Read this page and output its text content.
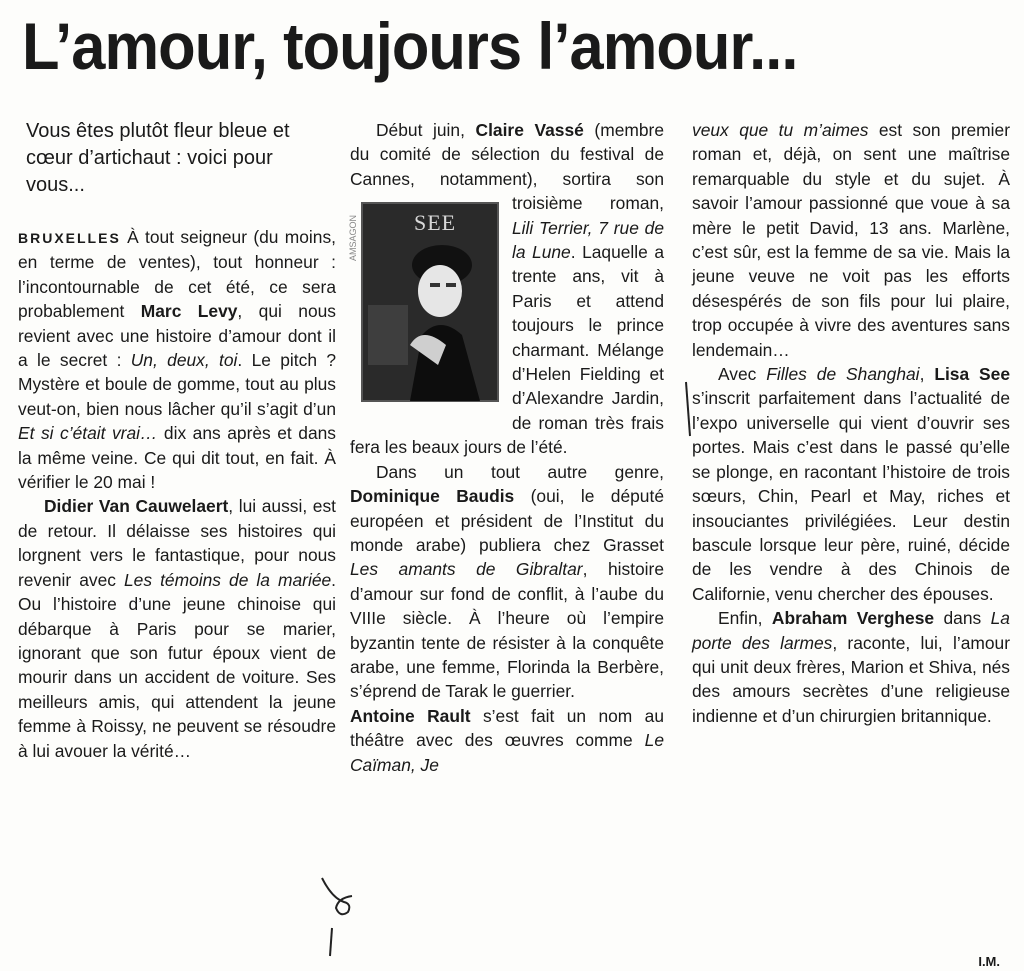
L’amour, toujours l’amour...

Vous êtes plutôt fleur bleue et cœur d’artichaut : voici pour vous...

BRUXELLES À tout seigneur (du moins, en terme de ventes), tout honneur : l’incontournable de cet été, ce sera probablement Marc Levy, qui nous revient avec une histoire d’amour dont il a le secret : Un, deux, toi. Le pitch ? Mystère et boule de gomme, tout au plus veut-on, bien nous lâcher qu’il s’agit d’un Et si c’était vrai… dix ans après et dans la même veine. Ce qui dit tout, en fait. À vérifier le 20 mai !

Didier Van Cauwelaert, lui aussi, est de retour. Il délaisse ses histoires qui lorgnent vers le fantastique, pour nous revenir avec Les témoins de la mariée. Ou l’histoire d’une jeune chinoise qui débarque à Paris pour se marier, ignorant que son futur époux vient de mourir dans un accident de voiture. Ses meilleurs amis, qui attendent la jeune femme à Roissy, ne peuvent se résoudre à lui avouer la vérité…

Début juin, Claire Vassé (membre du comité de sélection du festival de Cannes, notamment), sortira son troisième roman,
AMSAGON	SEE	Lili Terrier, 7 rue de la Lune. Laquelle a trente ans, vit à Paris et attend toujours le prince charmant. Mélange d’Helen Fielding et d’Alexandre Jardin, de roman très frais fera les beaux jours de l’été.

Dans un tout autre genre, Dominique Baudis (oui, le député européen et président de l’Institut du monde arabe) publiera chez Grasset Les amants de Gibraltar, histoire d’amour sur fond de conflit, à l’aube du VIIIe siècle. À l’heure où l’empire byzantin tente de résister à la conquête arabe, une femme, Florinda la Berbère, s’éprend de Tarak le guerrier.

Antoine Rault s’est fait un nom au théâtre avec des œuvres comme Le Caïman, Je

veux que tu m’aimes est son premier roman et, déjà, on sent une maîtrise remarquable du style et du sujet. À savoir l’amour passionné que voue à sa mère le petit David, 13 ans. Marlène, c’est sûr, est la femme de sa vie. Mais la jeune veuve ne voit pas les efforts désespérés de son fils pour lui plaire, trop occupée à vivre des aventures sans lendemain…

Avec Filles de Shanghai, Lisa See s’inscrit parfaitement dans l’actualité de l’expo universelle qui vient d’ouvrir ses portes. Mais c’est dans le passé qu’elle se plonge, en racontant l’histoire de trois sœurs, Chin, Pearl et May, riches et insouciantes privilégiées. Leur destin bascule lorsque leur père, ruiné, décide de les vendre à des Chinois de Californie, venu chercher des épouses.

Enfin, Abraham Verghese dans La porte des larmes, raconte, lui, l’amour qui unit deux frères, Marion et Shiva, nés des amours secrètes d’une religieuse indienne et d’un chirurgien britannique.

I.M.
